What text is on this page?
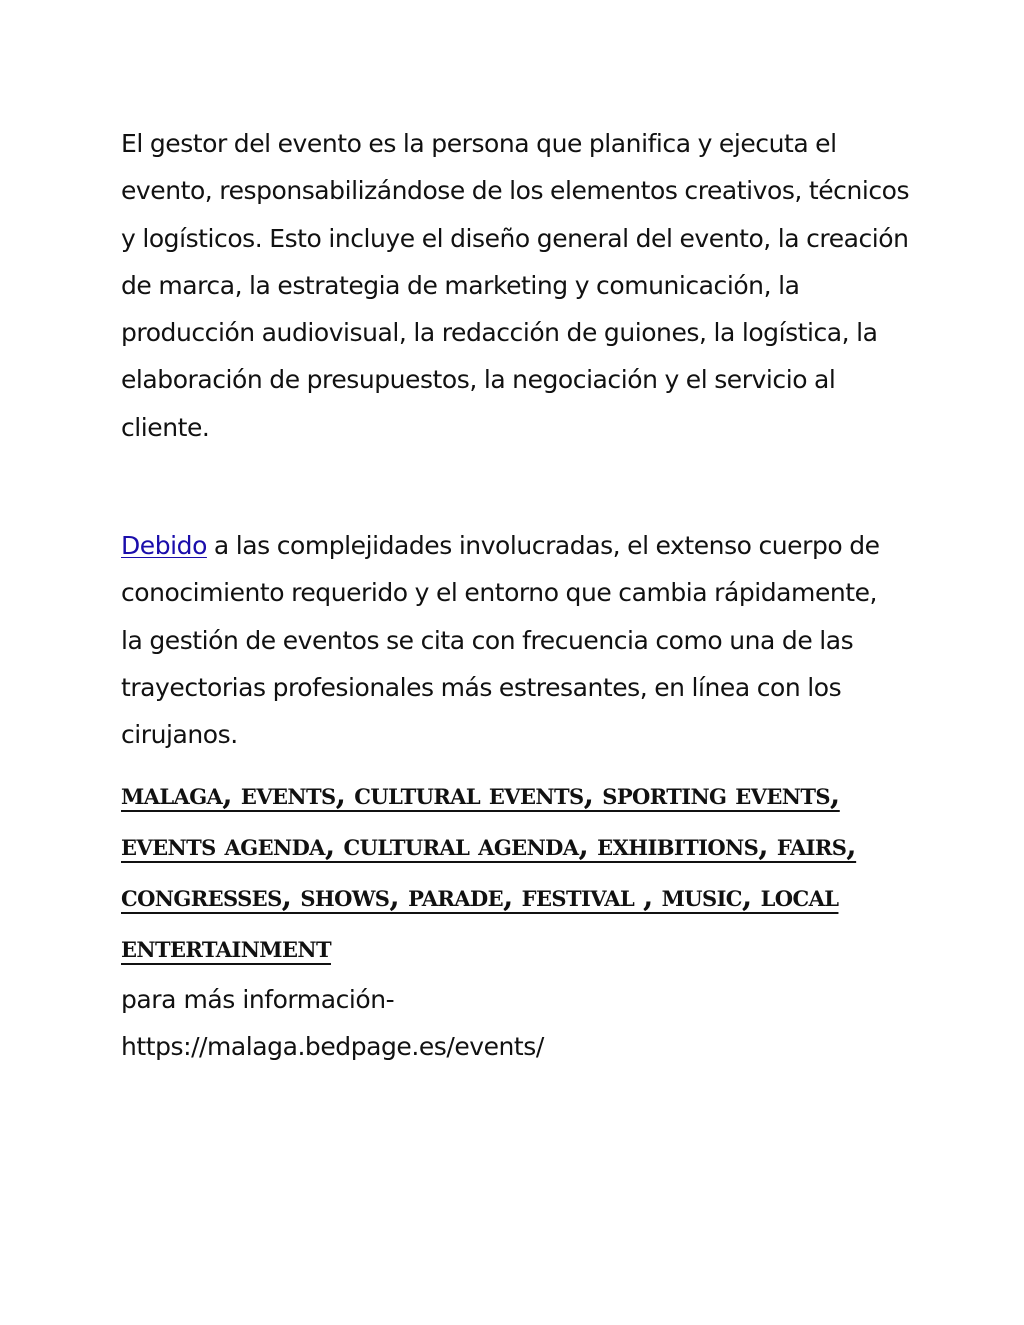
El gestor del evento es la persona que planifica y ejecuta el evento, responsabilizándose de los elementos creativos, técnicos y logísticos. Esto incluye el diseño general del evento, la creación de marca, la estrategia de marketing y comunicación, la producción audiovisual, la redacción de guiones, la logística, la elaboración de presupuestos, la negociación y el servicio al cliente.

Debido a las complejidades involucradas, el extenso cuerpo de conocimiento requerido y el entorno que cambia rápidamente, la gestión de eventos se cita con frecuencia como una de las trayectorias profesionales más estresantes, en línea con los cirujanos.

malaga, events, cultural events, sporting events, events agenda, cultural agenda, exhibitions, fairs, congresses, shows, parade, festival , music, local entertainment
para más información-
https://malaga.bedpage.es/events/
